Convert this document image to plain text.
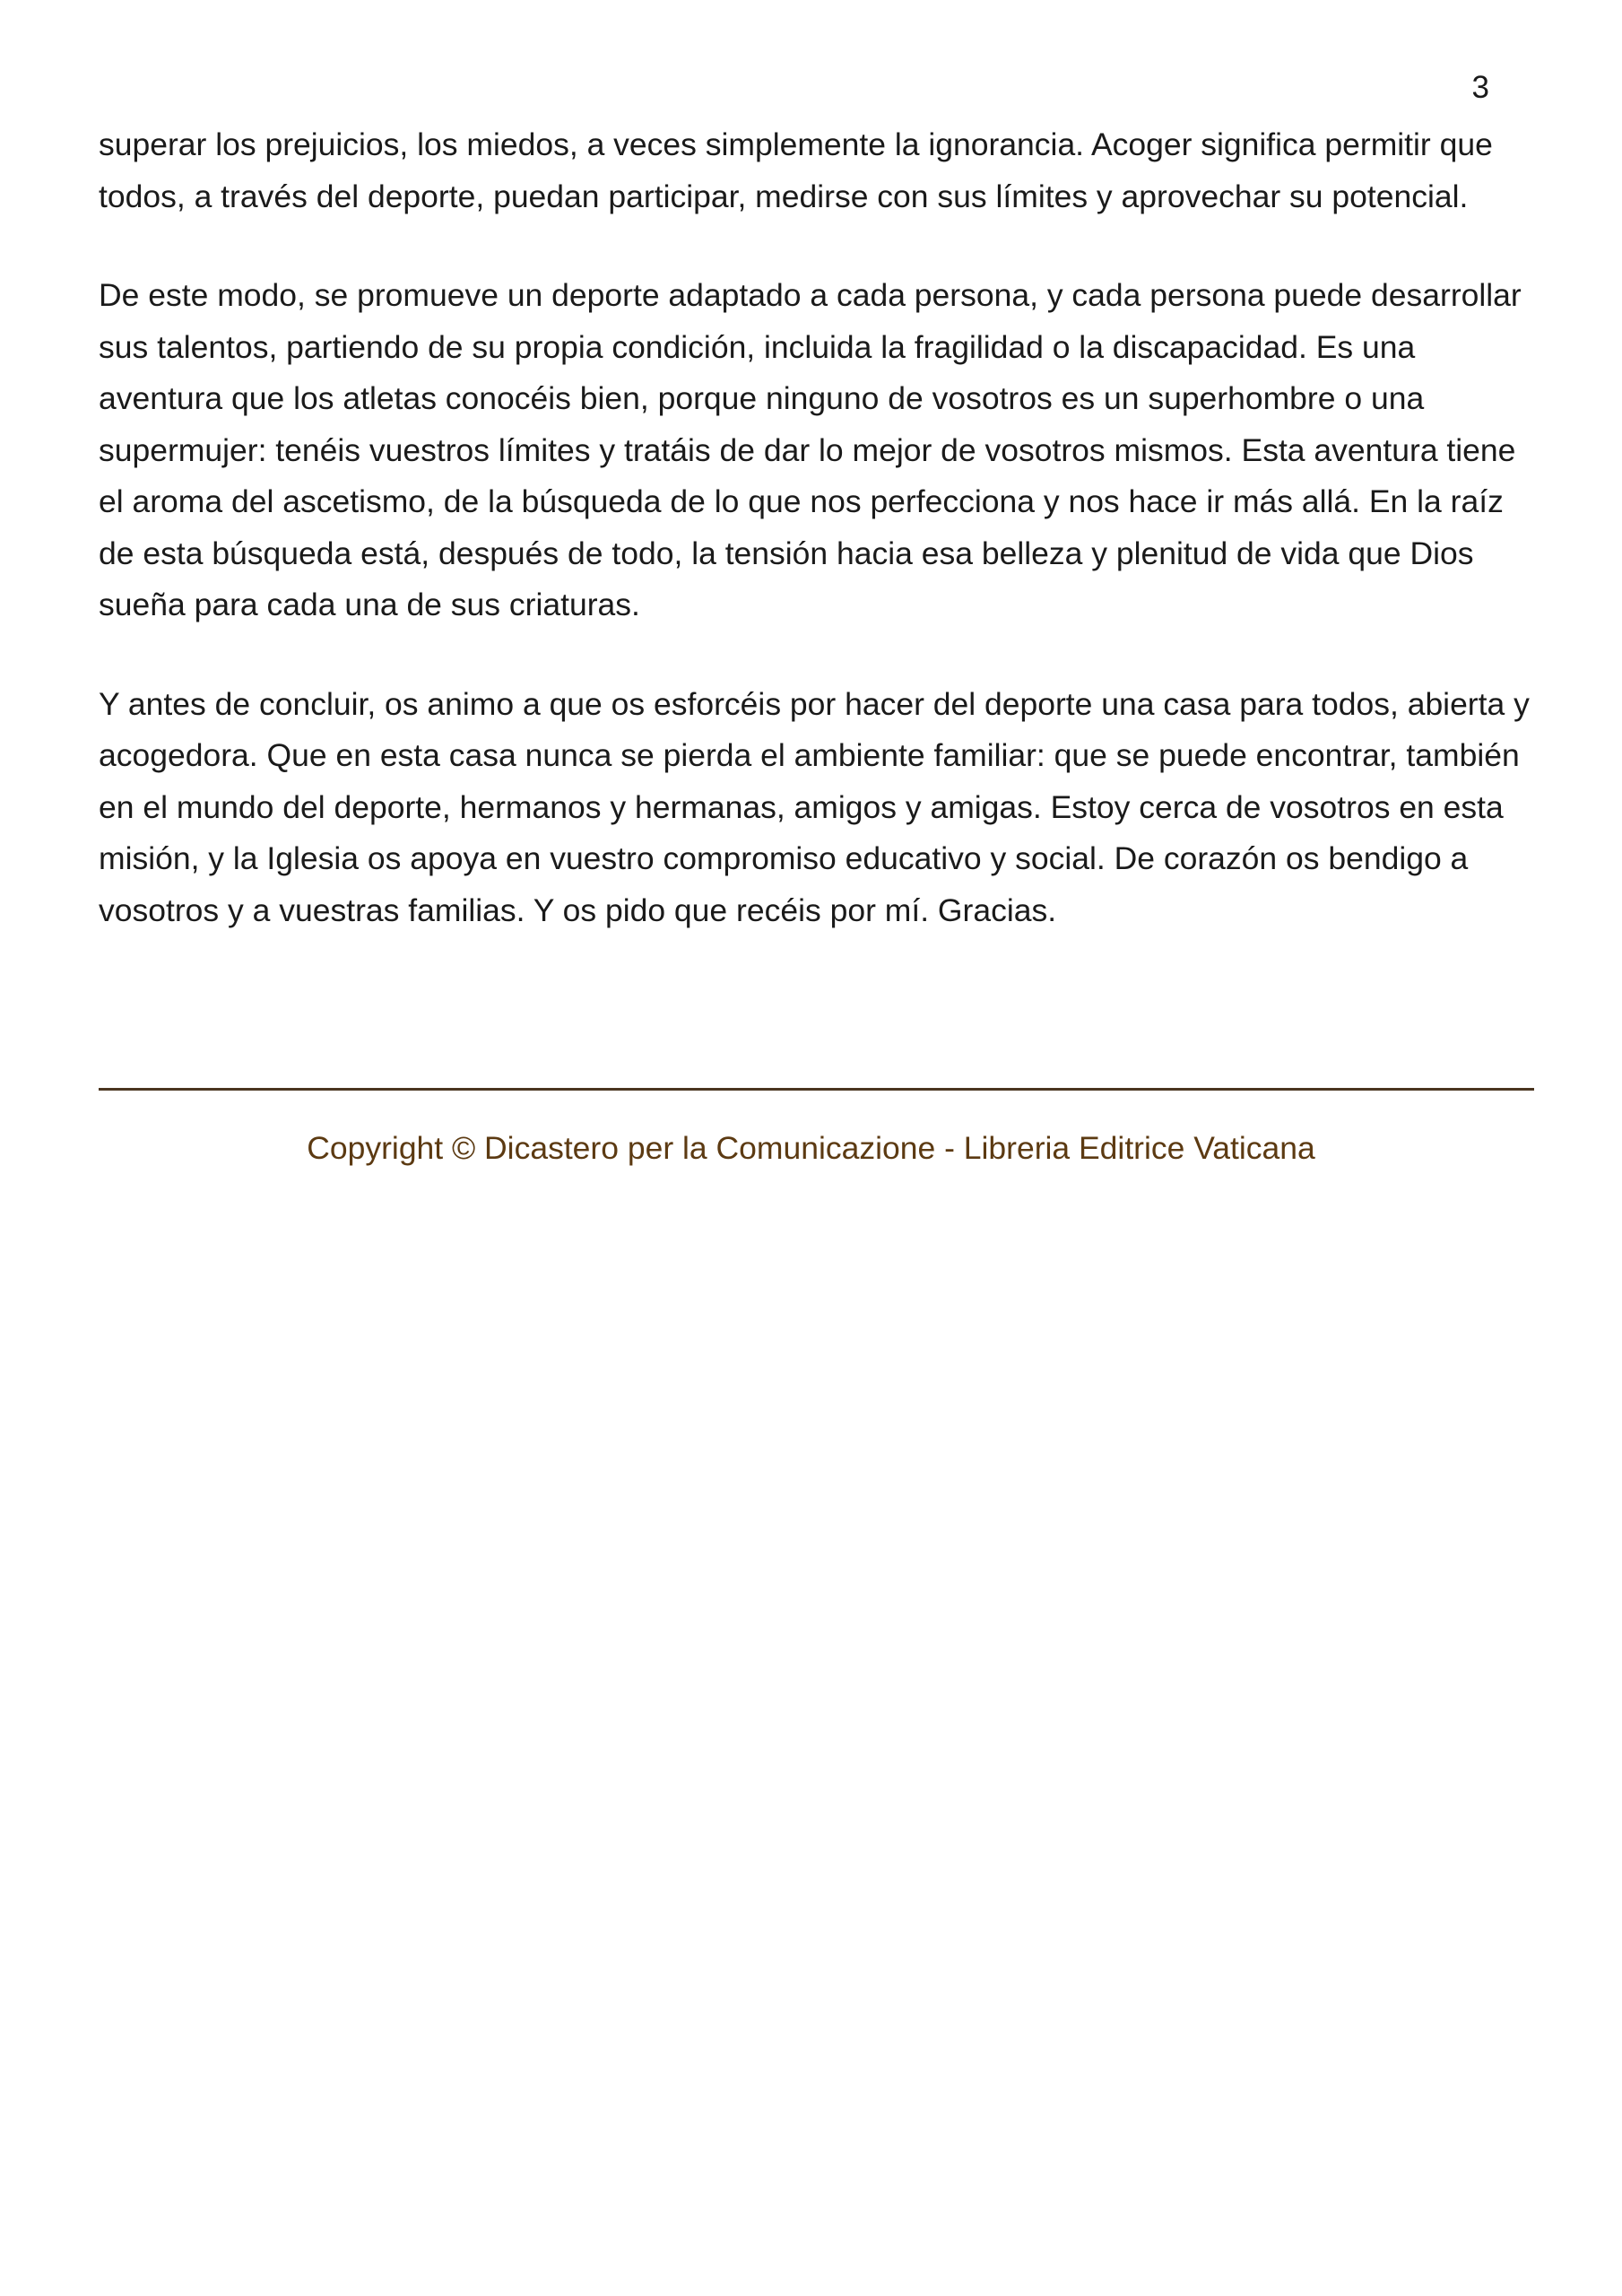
3

superar los prejuicios, los miedos, a veces simplemente la ignorancia. Acoger significa permitir que todos, a través del deporte, puedan participar, medirse con sus límites y aprovechar su potencial.

De este modo, se promueve un deporte adaptado a cada persona, y cada persona puede desarrollar sus talentos, partiendo de su propia condición, incluida la fragilidad o la discapacidad. Es una aventura que los atletas conocéis bien, porque ninguno de vosotros es un superhombre o una supermujer: tenéis vuestros límites y tratáis de dar lo mejor de vosotros mismos. Esta aventura tiene el aroma del ascetismo, de la búsqueda de lo que nos perfecciona y nos hace ir más allá. En la raíz de esta búsqueda está, después de todo, la tensión hacia esa belleza y plenitud de vida que Dios sueña para cada una de sus criaturas.

Y antes de concluir, os animo a que os esforcéis por hacer del deporte una casa para todos, abierta y acogedora. Que en esta casa nunca se pierda el ambiente familiar: que se puede encontrar, también en el mundo del deporte, hermanos y hermanas, amigos y amigas. Estoy cerca de vosotros en esta misión, y la Iglesia os apoya en vuestro compromiso educativo y social. De corazón os bendigo a vosotros y a vuestras familias. Y os pido que recéis por mí. Gracias.

Copyright © Dicastero per la Comunicazione - Libreria Editrice Vaticana
